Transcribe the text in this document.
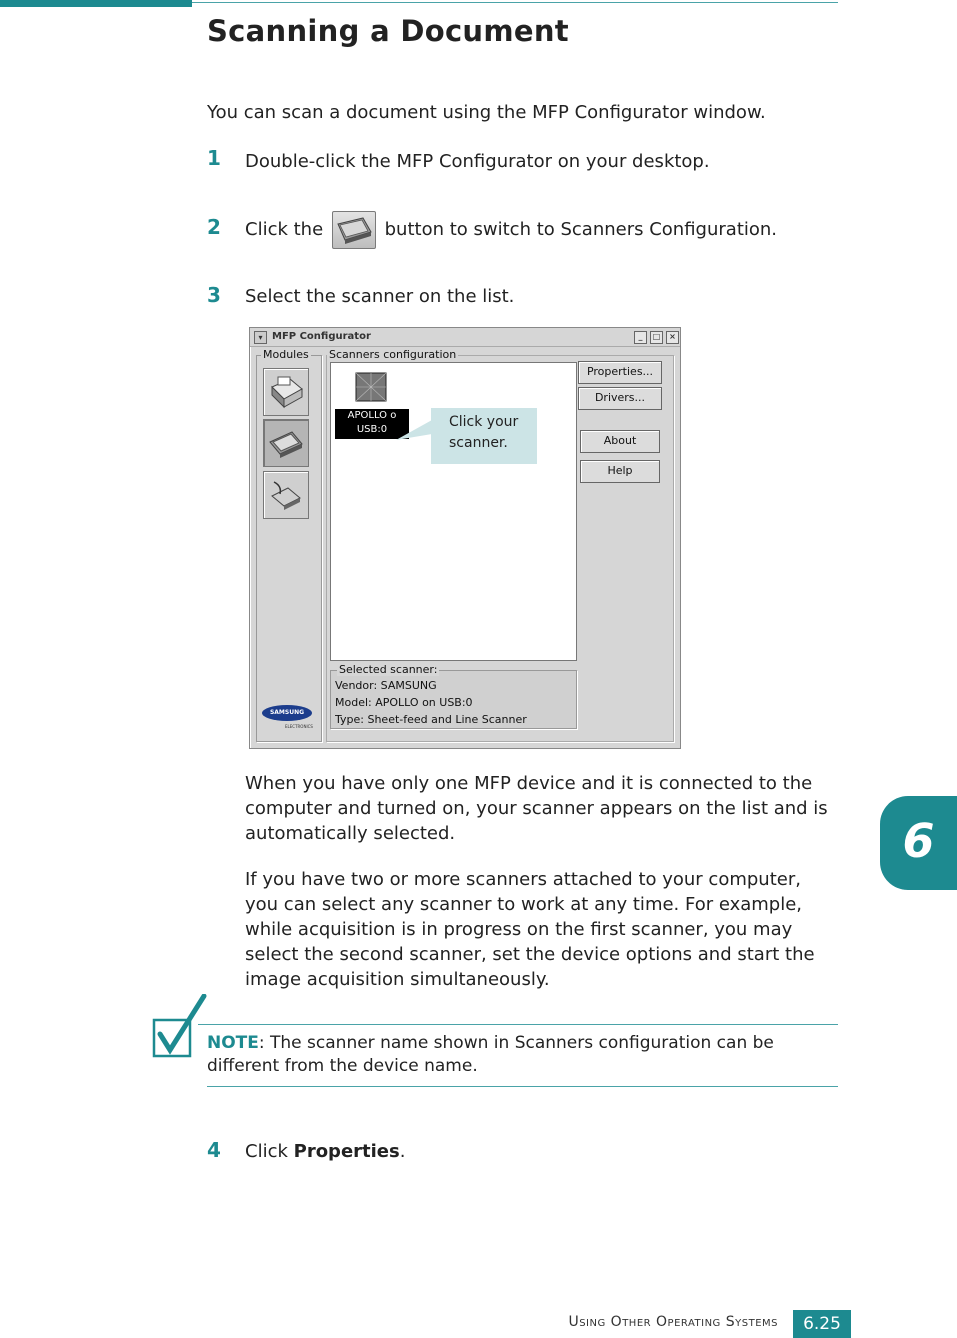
Scanning a Document
You can scan a document using the MFP Configurator window.
1 Double-click the MFP Configurator on your desktop.
2 Click the	button to switch to Scanners Configuration.
3 Select the scanner on the list.
▾ MFP Configurator	_	□	×
Modules
SAMSUNG
ELECTRONICS
Scanners configuration
APOLLO o
USB:0
Properties...
Drivers...
About
Help
Selected scanner:
Vendor: SAMSUNG
Model: APOLLO on USB:0
Type: Sheet-feed and Line Scanner
Click your
scanner.
When you have only one MFP device and it is connected to the computer and turned on, your scanner appears on the list and is automatically selected.
If you have two or more scanners attached to your computer, you can select any scanner to work at any time. For example, while acquisition is in progress on the first scanner, you may select the second scanner, set the device options and start the image acquisition simultaneously.
NOTE: The scanner name shown in Scanners configuration can be different from the device name.
4 Click Properties.
6
Using Other Operating Systems	6.25
